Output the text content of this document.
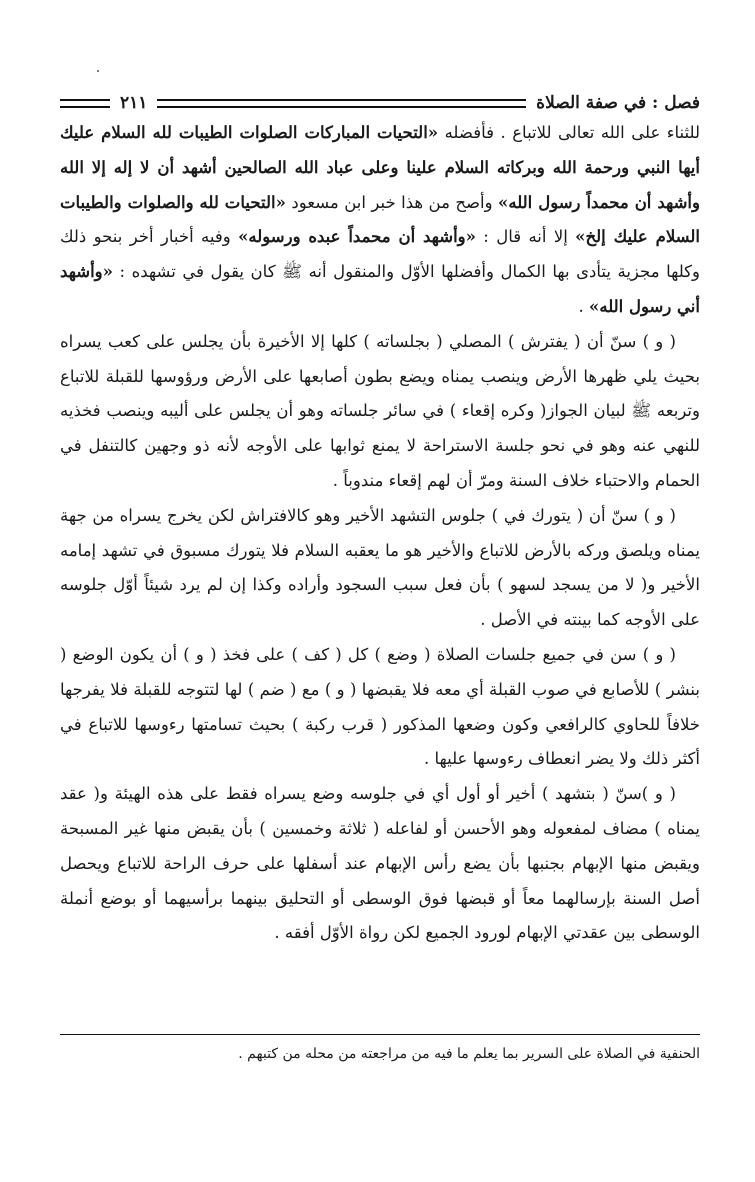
فصل : في صفة الصلاة
٢١١

للثناء على الله تعالى للاتباع . فأفضله «التحيات المباركات الصلوات الطيبات لله السلام عليك أيها النبي ورحمة الله وبركاته السلام علينا وعلى عباد الله الصالحين أشهد أن لا إله إلا الله وأشهد أن محمداً رسول الله» وأصح من هذا خبر ابن مسعود «التحيات لله والصلوات والطيبات السلام عليك إلخ» إلا أنه قال : «وأشهد أن محمداً عبده ورسوله» وفيه أخبار أخر بنحو ذلك وكلها مجزية يتأدى بها الكمال وأفضلها الأوّل والمنقول أنه ﷺ كان يقول في تشهده : «وأشهد أني رسول الله» .

( و ) سنّ أن ( يفترش ) المصلي ( بجلساته ) كلها إلا الأخيرة بأن يجلس على كعب يسراه بحيث يلي ظهرها الأرض وينصب يمناه ويضع بطون أصابعها على الأرض ورؤوسها للقبلة للاتباع وتربعه ﷺ لبيان الجواز( وكره إقعاء ) في سائر جلساته وهو أن يجلس على أليبه وينصب فخذيه للنهي عنه وهو في نحو جلسة الاستراحة لا يمنع ثوابها على الأوجه لأنه ذو وجهين كالتنفل في الحمام والاحتباء خلاف السنة ومرّ أن لهم إقعاء مندوباً .

( و ) سنّ أن ( يتورك في ) جلوس التشهد الأخير وهو كالافتراش لكن يخرج يسراه من جهة يمناه ويلصق وركه بالأرض للاتباع والأخير هو ما يعقبه السلام فلا يتورك مسبوق في تشهد إمامه الأخير و( لا من يسجد لسهو ) بأن فعل سبب السجود وأراده وكذا إن لم يرد شيئاً أوّل جلوسه على الأوجه كما بينته في الأصل .

( و ) سن في جميع جلسات الصلاة ( وضع ) كل ( كف ) على فخذ ( و ) أن يكون الوضع ( بنشر ) للأصابع في صوب القبلة أي معه فلا يقبضها ( و ) مع ( ضم ) لها لتتوجه للقبلة فلا يفرجها خلافاً للحاوي كالرافعي وكون وضعها المذكور ( قرب ركبة ) بحيث تسامتها رءوسها للاتباع في أكثر ذلك ولا يضر انعطاف رءوسها عليها .

( و )سنّ ( بتشهد ) أخير أو أول أي في جلوسه وضع يسراه فقط على هذه الهيئة و( عقد يمناه ) مضاف لمفعوله وهو الأحسن أو لفاعله ( ثلاثة وخمسين ) بأن يقبض منها غير المسبحة ويقبض منها الإبهام بجنبها بأن يضع رأس الإبهام عند أسفلها على حرف الراحة للاتباع ويحصل أصل السنة بإرسالهما معاً أو قبضها فوق الوسطى أو التحليق بينهما برأسيهما أو بوضع أنملة الوسطى بين عقدتي الإبهام لورود الجميع لكن رواة الأوّل أفقه .

الحنفية في الصلاة على السرير بما يعلم ما فيه من مراجعته من محله من كتبهم .
